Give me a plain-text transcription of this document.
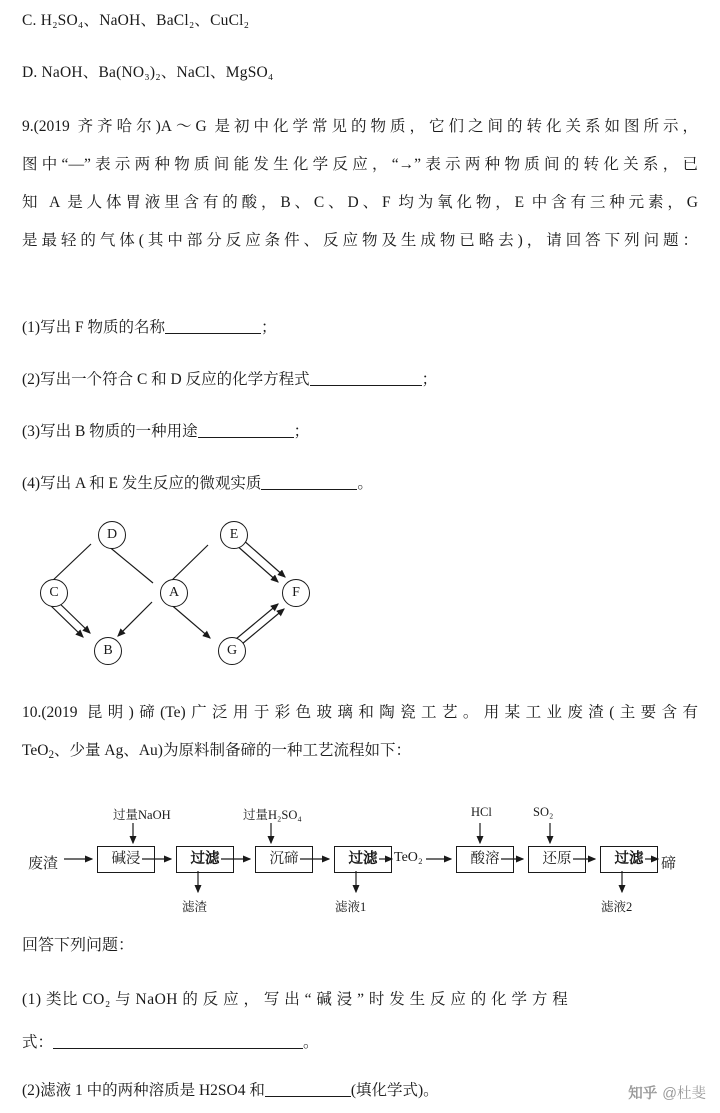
C. H₂SO₄、NaOH、BaCl₂、CuCl₂
D. NaOH、Ba(NO₃)₂、NaCl、MgSO₄
9.(2019 齐齐哈尔)A～G 是初中化学常见的物质，它们之间的转化关系如图所示，
图中“—”表示两种物质间能发生化学反应，“→”表示两种物质间的转化关系，已
知 A 是人体胃液里含有的酸，B、C、D、F 均为氧化物，E 中含有三种元素，G
是最轻的气体(其中部分反应条件、反应物及生成物已略去)，请回答下列问题：
(1)写出 F 物质的名称	；
(2)写出一个符合 C 和 D 反应的化学方程式	；
(3)写出 B 物质的一种用途	；
(4)写出 A 和 E 发生反应的微观实质	。
D	E
C	A	F
B	G
10.(2019 昆明)碲(Te)广泛用于彩色玻璃和陶瓷工艺。用某工业废渣(主要含有
TeO$_2$、少量 Ag、Au)为原料制备碲的一种工艺流程如下：
过量NaOH	过量H₂SO₄	HCl	SO₂
废渣	碱浸	过滤	沉碲	过滤	酸溶	还原	过滤
TeO₂	碲
滤渣	滤液1	滤液2
回答下列问题：
(1) 类比 CO₂ 与 NaOH 的 反 应 ， 写 出 “ 碱 浸 ” 时 发 生 反 应 的 化 学 方 程
式：	。
(2)滤液 1 中的两种溶质是 H2SO4 和	(填化学式)。	知乎 @杜斐
